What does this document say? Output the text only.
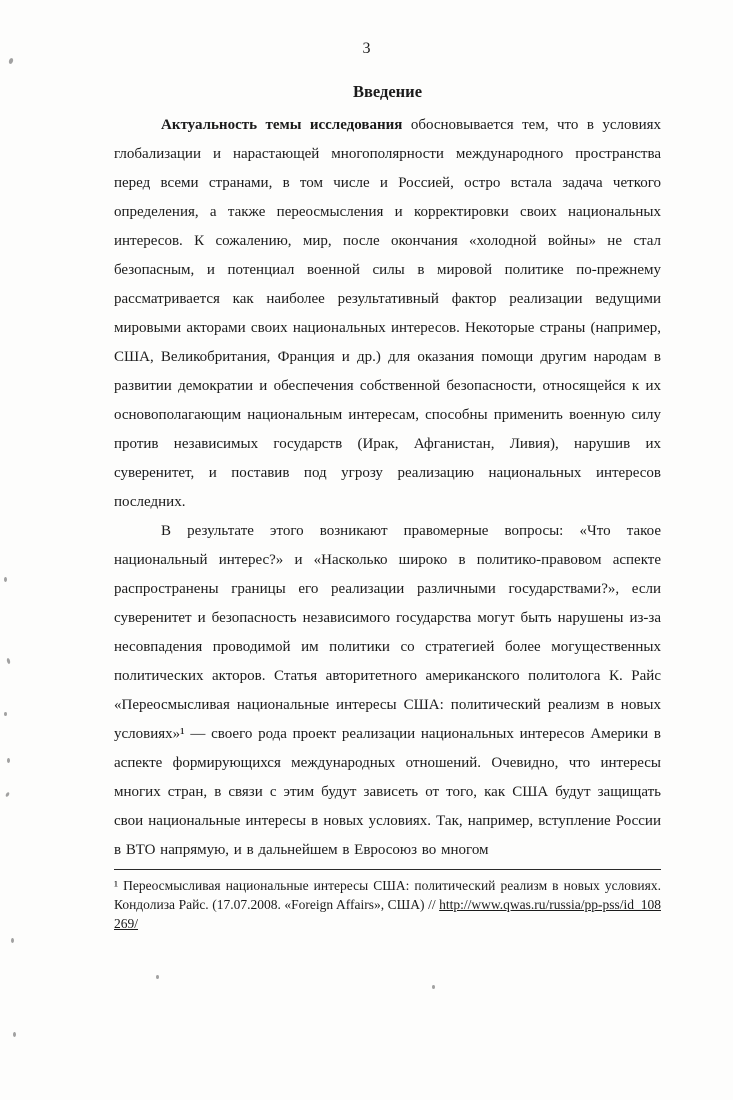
3
Введение

Актуальность темы исследования обосновывается тем, что в условиях глобализации и нарастающей многополярности международного пространства перед всеми странами, в том числе и Россией, остро встала задача четкого определения, а также переосмысления и корректировки своих национальных интересов. К сожалению, мир, после окончания «холодной войны» не стал безопасным, и потенциал военной силы в мировой политике по-прежнему рассматривается как наиболее результативный фактор реализации ведущими мировыми акторами своих национальных интересов. Некоторые страны (например, США, Великобритания, Франция и др.) для оказания помощи другим народам в развитии демократии и обеспечения собственной безопасности, относящейся к их основополагающим национальным интересам, способны применить военную силу против независимых государств (Ирак, Афганистан, Ливия), нарушив их суверенитет, и поставив под угрозу реализацию национальных интересов последних.

В результате этого возникают правомерные вопросы: «Что такое национальный интерес?» и «Насколько широко в политико-правовом аспекте распространены границы его реализации различными государствами?», если суверенитет и безопасность независимого государства могут быть нарушены из-за несовпадения проводимой им политики со стратегией более могущественных политических акторов. Статья авторитетного американского политолога К. Райс «Переосмысливая национальные интересы США: политический реализм в новых условиях»¹ — своего рода проект реализации национальных интересов Америки в аспекте формирующихся международных отношений. Очевидно, что интересы многих стран, в связи с этим будут зависеть от того, как США будут защищать свои национальные интересы в новых условиях. Так, например, вступление России в ВТО напрямую, и в дальнейшем в Евросоюз во многом

¹ Переосмысливая национальные интересы США: политический реализм в новых условиях. Кондолиза Райс. (17.07.2008. «Foreign Affairs», США) // http://www.qwas.ru/russia/pp-pss/id_108269/
